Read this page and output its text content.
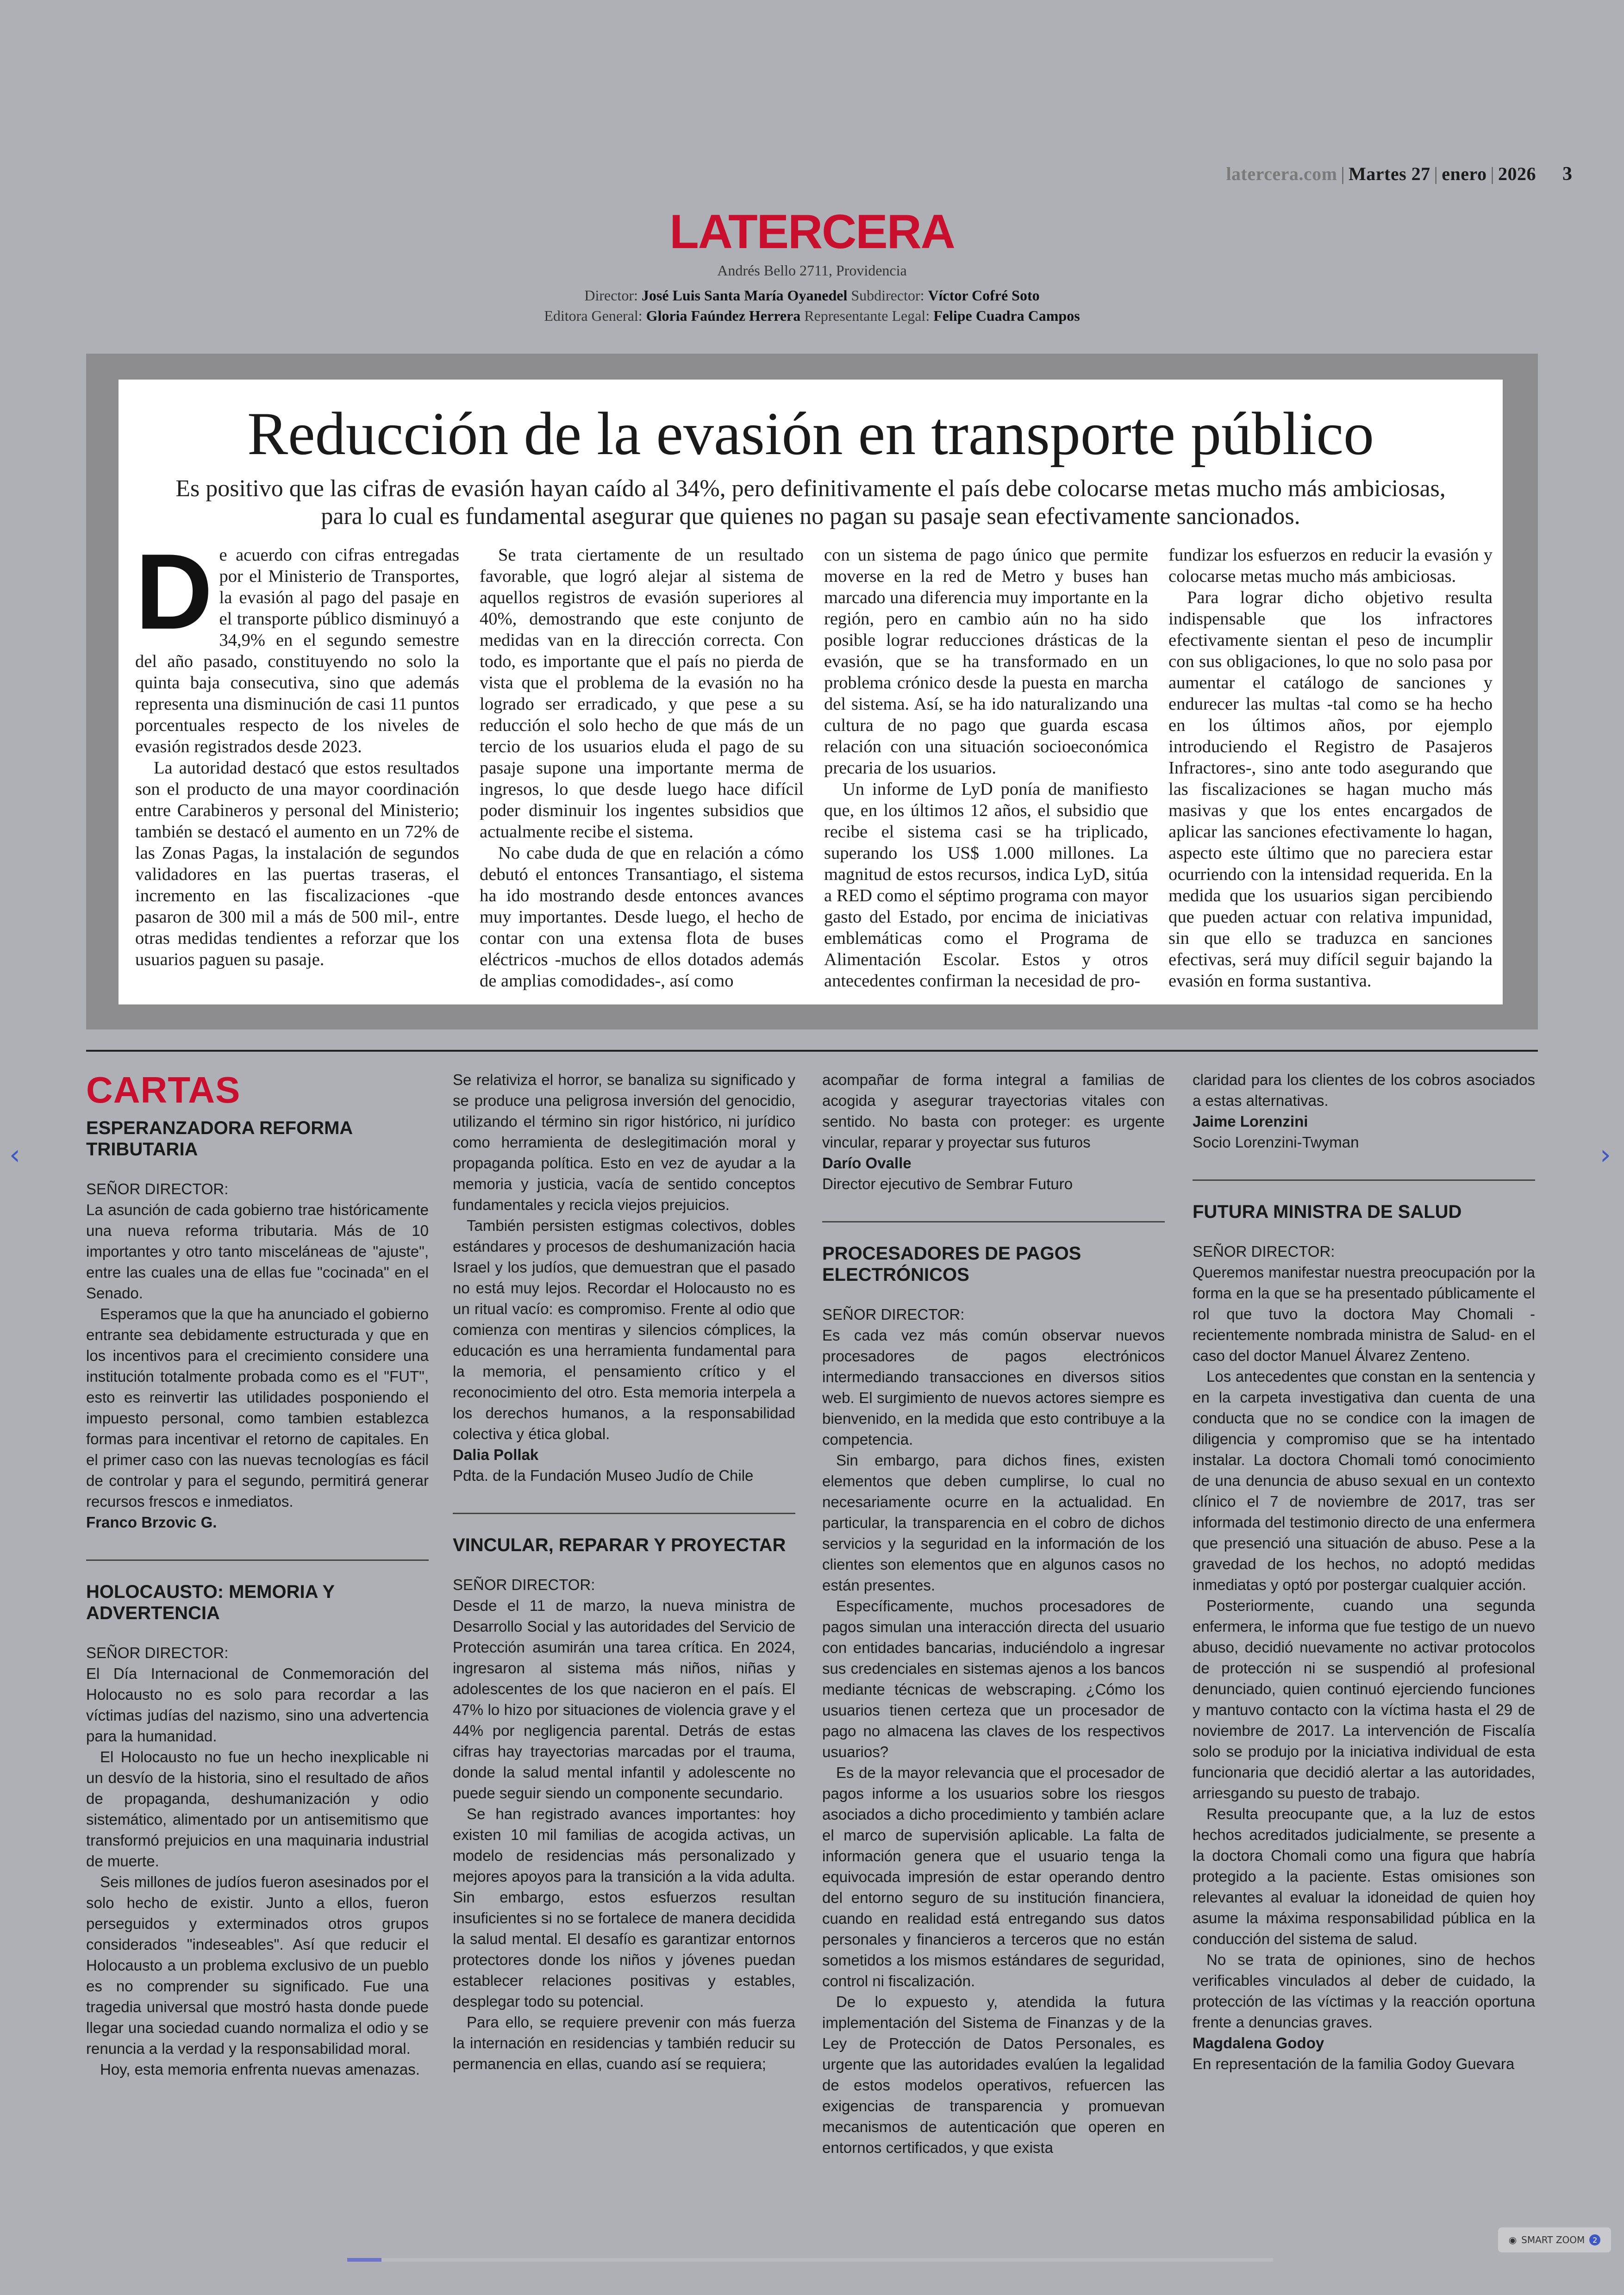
latercera.com | Martes 27 | enero | 2026 3
LATERCERA
Andrés Bello 2711, Providencia
Director: José Luis Santa María Oyanedel Subdirector: Víctor Cofré Soto
Editora General: Gloria Faúndez Herrera Representante Legal: Felipe Cuadra Campos
Reducción de la evasión en transporte público
Es positivo que las cifras de evasión hayan caído al 34%, pero definitivamente el país debe colocarse metas mucho más ambiciosas, para lo cual es fundamental asegurar que quienes no pagan su pasaje sean efectivamente sancionados.

De acuerdo con cifras entregadas por el Ministerio de Transportes, la evasión al pago del pasaje en el transporte público disminuyó a 34,9% en el segundo semestre del año pasado, constituyendo no solo la quinta baja consecutiva, sino que además representa una disminución de casi 11 puntos porcentuales respecto de los niveles de evasión registrados desde 2023.

La autoridad destacó que estos resultados son el producto de una mayor coordinación entre Carabineros y personal del Ministerio; también se destacó el aumento en un 72% de las Zonas Pagas, la instalación de segundos validadores en las puertas traseras, el incremento en las fiscalizaciones -que pasaron de 300 mil a más de 500 mil-, entre otras medidas tendientes a reforzar que los usuarios paguen su pasaje.

Se trata ciertamente de un resultado favorable, que logró alejar al sistema de aquellos registros de evasión superiores al 40%, demostrando que este conjunto de medidas van en la dirección correcta. Con todo, es importante que el país no pierda de vista que el problema de la evasión no ha logrado ser erradicado, y que pese a su reducción el solo hecho de que más de un tercio de los usuarios eluda el pago de su pasaje supone una importante merma de ingresos, lo que desde luego hace difícil poder disminuir los ingentes subsidios que actualmente recibe el sistema.

No cabe duda de que en relación a cómo debutó el entonces Transantiago, el sistema ha ido mostrando desde entonces avances muy importantes. Desde luego, el hecho de contar con una extensa flota de buses eléctricos -muchos de ellos dotados además de amplias comodidades-, así como

con un sistema de pago único que permite moverse en la red de Metro y buses han marcado una diferencia muy importante en la región, pero en cambio aún no ha sido posible lograr reducciones drásticas de la evasión, que se ha transformado en un problema crónico desde la puesta en marcha del sistema. Así, se ha ido naturalizando una cultura de no pago que guarda escasa relación con una situación socioeconómica precaria de los usuarios.

Un informe de LyD ponía de manifiesto que, en los últimos 12 años, el subsidio que recibe el sistema casi se ha triplicado, superando los US$ 1.000 millones. La magnitud de estos recursos, indica LyD, sitúa a RED como el séptimo programa con mayor gasto del Estado, por encima de iniciativas emblemáticas como el Programa de Alimentación Escolar. Estos y otros antecedentes confirman la necesidad de pro-

fundizar los esfuerzos en reducir la evasión y colocarse metas mucho más ambiciosas.

Para lograr dicho objetivo resulta indispensable que los infractores efectivamente sientan el peso de incumplir con sus obligaciones, lo que no solo pasa por aumentar el catálogo de sanciones y endurecer las multas -tal como se ha hecho en los últimos años, por ejemplo introduciendo el Registro de Pasajeros Infractores-, sino ante todo asegurando que las fiscalizaciones se hagan mucho más masivas y que los entes encargados de aplicar las sanciones efectivamente lo hagan, aspecto este último que no pareciera estar ocurriendo con la intensidad requerida. En la medida que los usuarios sigan percibiendo que pueden actuar con relativa impunidad, sin que ello se traduzca en sanciones efectivas, será muy difícil seguir bajando la evasión en forma sustantiva.

CARTAS
ESPERANZADORA REFORMA TRIBUTARIA

SEÑOR DIRECTOR:

La asunción de cada gobierno trae históricamente una nueva reforma tributaria. Más de 10 importantes y otro tanto misceláneas de "ajuste", entre las cuales una de ellas fue "cocinada" en el Senado.

Esperamos que la que ha anunciado el gobierno entrante sea debidamente estructurada y que en los incentivos para el crecimiento considere una institución totalmente probada como es el "FUT", esto es reinvertir las utilidades posponiendo el impuesto personal, como tambien establezca formas para incentivar el retorno de capitales. En el primer caso con las nuevas tecnologías es fácil de controlar y para el segundo, permitirá generar recursos frescos e inmediatos.

Franco Brzovic G.

HOLOCAUSTO: MEMORIA Y ADVERTENCIA

SEÑOR DIRECTOR:

El Día Internacional de Conmemoración del Holocausto no es solo para recordar a las víctimas judías del nazismo, sino una advertencia para la humanidad.

El Holocausto no fue un hecho inexplicable ni un desvío de la historia, sino el resultado de años de propaganda, deshumanización y odio sistemático, alimentado por un antisemitismo que transformó prejuicios en una maquinaria industrial de muerte.

Seis millones de judíos fueron asesinados por el solo hecho de existir. Junto a ellos, fueron perseguidos y exterminados otros grupos considerados "indeseables". Así que reducir el Holocausto a un problema exclusivo de un pueblo es no comprender su significado. Fue una tragedia universal que mostró hasta donde puede llegar una sociedad cuando normaliza el odio y se renuncia a la verdad y la responsabilidad moral.

Hoy, esta memoria enfrenta nuevas amenazas.

Se relativiza el horror, se banaliza su significado y se produce una peligrosa inversión del genocidio, utilizando el término sin rigor histórico, ni jurídico como herramienta de deslegitimación moral y propaganda política. Esto en vez de ayudar a la memoria y justicia, vacía de sentido conceptos fundamentales y recicla viejos prejuicios.

También persisten estigmas colectivos, dobles estándares y procesos de deshumanización hacia Israel y los judíos, que demuestran que el pasado no está muy lejos. Recordar el Holocausto no es un ritual vacío: es compromiso. Frente al odio que comienza con mentiras y silencios cómplices, la educación es una herramienta fundamental para la memoria, el pensamiento crítico y el reconocimiento del otro. Esta memoria interpela a los derechos humanos, a la responsabilidad colectiva y ética global.

Dalia Pollak

Pdta. de la Fundación Museo Judío de Chile

VINCULAR, REPARAR Y PROYECTAR

SEÑOR DIRECTOR:

Desde el 11 de marzo, la nueva ministra de Desarrollo Social y las autoridades del Servicio de Protección asumirán una tarea crítica. En 2024, ingresaron al sistema más niños, niñas y adolescentes de los que nacieron en el país. El 47% lo hizo por situaciones de violencia grave y el 44% por negligencia parental. Detrás de estas cifras hay trayectorias marcadas por el trauma, donde la salud mental infantil y adolescente no puede seguir siendo un componente secundario.

Se han registrado avances importantes: hoy existen 10 mil familias de acogida activas, un modelo de residencias más personalizado y mejores apoyos para la transición a la vida adulta. Sin embargo, estos esfuerzos resultan insuficientes si no se fortalece de manera decidida la salud mental. El desafío es garantizar entornos protectores donde los niños y jóvenes puedan establecer relaciones positivas y estables, desplegar todo su potencial.

Para ello, se requiere prevenir con más fuerza la internación en residencias y también reducir su permanencia en ellas, cuando así se requiera;

acompañar de forma integral a familias de acogida y asegurar trayectorias vitales con sentido. No basta con proteger: es urgente vincular, reparar y proyectar sus futuros

Darío Ovalle

Director ejecutivo de Sembrar Futuro

PROCESADORES DE PAGOS ELECTRÓNICOS

SEÑOR DIRECTOR:

Es cada vez más común observar nuevos procesadores de pagos electrónicos intermediando transacciones en diversos sitios web. El surgimiento de nuevos actores siempre es bienvenido, en la medida que esto contribuye a la competencia.

Sin embargo, para dichos fines, existen elementos que deben cumplirse, lo cual no necesariamente ocurre en la actualidad. En particular, la transparencia en el cobro de dichos servicios y la seguridad en la información de los clientes son elementos que en algunos casos no están presentes.

Específicamente, muchos procesadores de pagos simulan una interacción directa del usuario con entidades bancarias, induciéndolo a ingresar sus credenciales en sistemas ajenos a los bancos mediante técnicas de webscraping. ¿Cómo los usuarios tienen certeza que un procesador de pago no almacena las claves de los respectivos usuarios?

Es de la mayor relevancia que el procesador de pagos informe a los usuarios sobre los riesgos asociados a dicho procedimiento y también aclare el marco de supervisión aplicable. La falta de información genera que el usuario tenga la equivocada impresión de estar operando dentro del entorno seguro de su institución financiera, cuando en realidad está entregando sus datos personales y financieros a terceros que no están sometidos a los mismos estándares de seguridad, control ni fiscalización.

De lo expuesto y, atendida la futura implementación del Sistema de Finanzas y de la Ley de Protección de Datos Personales, es urgente que las autoridades evalúen la legalidad de estos modelos operativos, refuercen las exigencias de transparencia y promuevan mecanismos de autenticación que operen en entornos certificados, y que exista

claridad para los clientes de los cobros asociados a estas alternativas.

Jaime Lorenzini

Socio Lorenzini-Twyman

FUTURA MINISTRA DE SALUD

SEÑOR DIRECTOR:

Queremos manifestar nuestra preocupación por la forma en la que se ha presentado públicamente el rol que tuvo la doctora May Chomali -recientemente nombrada ministra de Salud- en el caso del doctor Manuel Álvarez Zenteno.

Los antecedentes que constan en la sentencia y en la carpeta investigativa dan cuenta de una conducta que no se condice con la imagen de diligencia y compromiso que se ha intentado instalar. La doctora Chomali tomó conocimiento de una denuncia de abuso sexual en un contexto clínico el 7 de noviembre de 2017, tras ser informada del testimonio directo de una enfermera que presenció una situación de abuso. Pese a la gravedad de los hechos, no adoptó medidas inmediatas y optó por postergar cualquier acción.

Posteriormente, cuando una segunda enfermera, le informa que fue testigo de un nuevo abuso, decidió nuevamente no activar protocolos de protección ni se suspendió al profesional denunciado, quien continuó ejerciendo funciones y mantuvo contacto con la víctima hasta el 29 de noviembre de 2017. La intervención de Fiscalía solo se produjo por la iniciativa individual de esta funcionaria que decidió alertar a las autoridades, arriesgando su puesto de trabajo.

Resulta preocupante que, a la luz de estos hechos acreditados judicialmente, se presente a la doctora Chomali como una figura que habría protegido a la paciente. Estas omisiones son relevantes al evaluar la idoneidad de quien hoy asume la máxima responsabilidad pública en la conducción del sistema de salud.

No se trata de opiniones, sino de hechos verificables vinculados al deber de cuidado, la protección de las víctimas y la reacción oportuna frente a denuncias graves.

Magdalena Godoy

En representación de la familia Godoy Guevara

‹	›
◉ SMART ZOOM	2
